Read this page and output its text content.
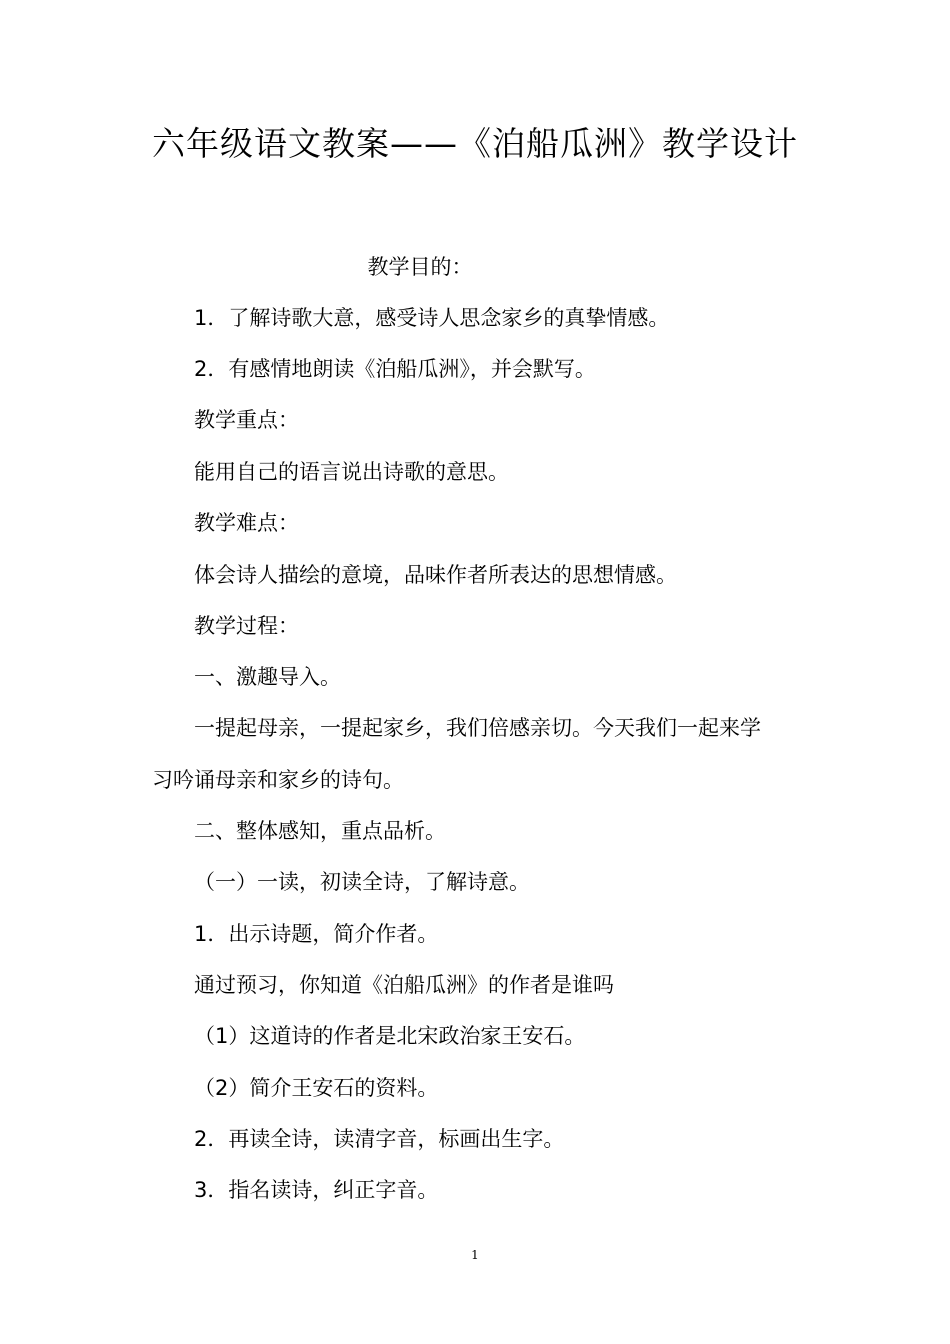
六年级语文教案——《泊船瓜洲》教学设计
教学目的：
1．了解诗歌大意，感受诗人思念家乡的真挚情感。
2．有感情地朗读《泊船瓜洲》，并会默写。
教学重点：
能用自己的语言说出诗歌的意思。
教学难点：
体会诗人描绘的意境，品味作者所表达的思想情感。
教学过程：
一、激趣导入。
一提起母亲，一提起家乡，我们倍感亲切。今天我们一起来学
习吟诵母亲和家乡的诗句。
二、整体感知，重点品析。
（一）一读，初读全诗，了解诗意。
1．出示诗题，简介作者。
通过预习，你知道《泊船瓜洲》的作者是谁吗
（1）这道诗的作者是北宋政治家王安石。
（2）简介王安石的资料。
2．再读全诗，读清字音，标画出生字。
3．指名读诗，纠正字音。
1
